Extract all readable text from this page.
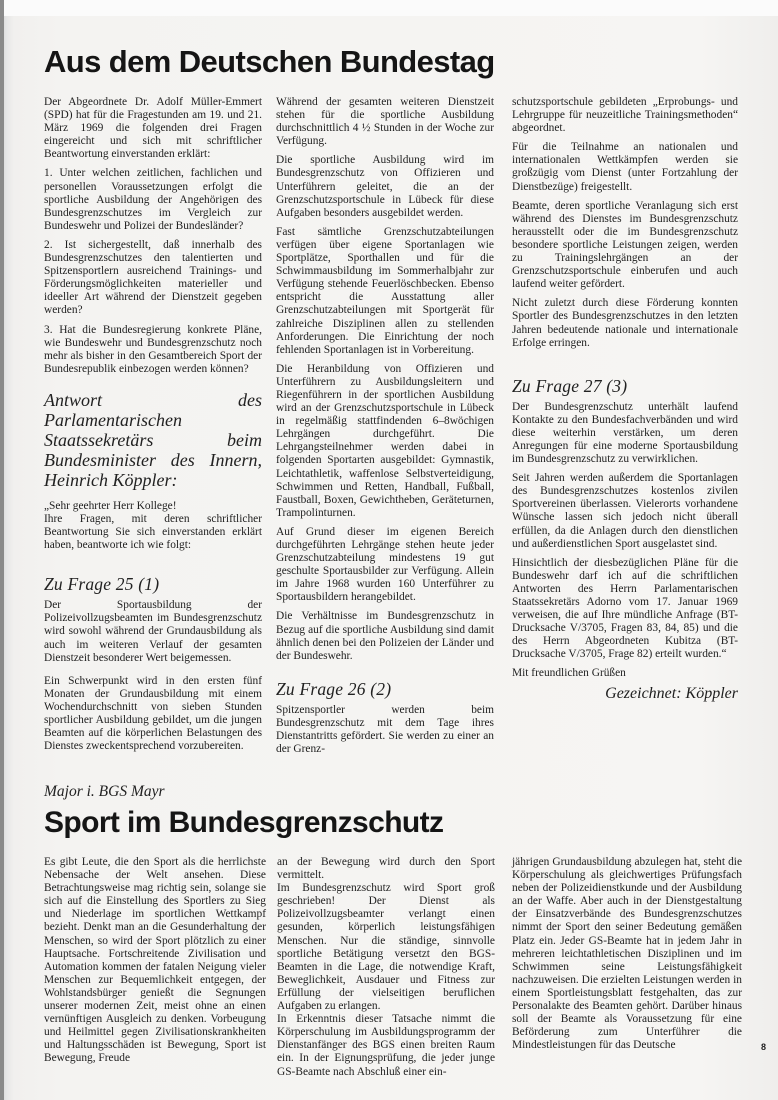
Aus dem Deutschen Bundestag

Der Abgeordnete Dr. Adolf Müller-Emmert (SPD) hat für die Fragestunden am 19. und 21. März 1969 die folgenden drei Fragen eingereicht und sich mit schriftlicher Beantwortung einverstanden erklärt:

1. Unter welchen zeitlichen, fachlichen und personellen Voraussetzungen erfolgt die sportliche Ausbildung der Angehörigen des Bundesgrenzschutzes im Vergleich zur Bundeswehr und Polizei der Bundesländer?

2. Ist sichergestellt, daß innerhalb des Bundesgrenzschutzes den talentierten und Spitzensportlern ausreichend Trainings- und Förderungsmöglichkeiten materieller und ideeller Art während der Dienstzeit gegeben werden?

3. Hat die Bundesregierung konkrete Pläne, wie Bundeswehr und Bundesgrenzschutz noch mehr als bisher in den Gesamtbereich Sport der Bundesrepublik einbezogen werden können?

Antwort des Parlamentarischen Staatssekretärs beim Bundesminister des Innern, Heinrich Köppler:

„Sehr geehrter Herr Kollege!

Ihre Fragen, mit deren schriftlicher Beantwortung Sie sich einverstanden erklärt haben, beantworte ich wie folgt:

Zu Frage 25 (1)

Der Sportausbildung der Polizeivollzugsbeamten im Bundesgrenzschutz wird sowohl während der Grundausbildung als auch im weiteren Verlauf der gesamten Dienstzeit besonderer Wert beigemessen.

Ein Schwerpunkt wird in den ersten fünf Monaten der Grundausbildung mit einem Wochendurchschnitt von sieben Stunden sportlicher Ausbildung gebildet, um die jungen Beamten auf die körperlichen Belastungen des Dienstes zweckentsprechend vorzubereiten.

Während der gesamten weiteren Dienstzeit stehen für die sportliche Ausbildung durchschnittlich 4 ½ Stunden in der Woche zur Verfügung.

Die sportliche Ausbildung wird im Bundesgrenzschutz von Offizieren und Unterführern geleitet, die an der Grenzschutzsportschule in Lübeck für diese Aufgaben besonders ausgebildet werden.

Fast sämtliche Grenzschutzabteilungen verfügen über eigene Sportanlagen wie Sportplätze, Sporthallen und für die Schwimmausbildung im Sommerhalbjahr zur Verfügung stehende Feuerlöschbecken. Ebenso entspricht die Ausstattung aller Grenzschutzabteilungen mit Sportgerät für zahlreiche Disziplinen allen zu stellenden Anforderungen. Die Einrichtung der noch fehlenden Sportanlagen ist in Vorbereitung.

Die Heranbildung von Offizieren und Unterführern zu Ausbildungsleitern und Riegenführern in der sportlichen Ausbildung wird an der Grenzschutzsportschule in Lübeck in regelmäßig stattfindenden 6–8wöchigen Lehrgängen durchgeführt. Die Lehrgangsteilnehmer werden dabei in folgenden Sportarten ausgebildet: Gymnastik, Leichtathletik, waffenlose Selbstverteidigung, Schwimmen und Retten, Handball, Fußball, Faustball, Boxen, Gewichtheben, Geräteturnen, Trampolinturnen.

Auf Grund dieser im eigenen Bereich durchgeführten Lehrgänge stehen heute jeder Grenzschutzabteilung mindestens 19 gut geschulte Sportausbilder zur Verfügung. Allein im Jahre 1968 wurden 160 Unterführer zu Sportausbildern herangebildet.

Die Verhältnisse im Bundesgrenzschutz in Bezug auf die sportliche Ausbildung sind damit ähnlich denen bei den Polizeien der Länder und der Bundeswehr.

Zu Frage 26 (2)

Spitzensportler werden beim Bundesgrenzschutz mit dem Tage ihres Dienstantritts gefördert. Sie werden zu einer an der Grenz-

schutzsportschule gebildeten „Erprobungs- und Lehrgruppe für neuzeitliche Trainingsmethoden“ abgeordnet.

Für die Teilnahme an nationalen und internationalen Wettkämpfen werden sie großzügig vom Dienst (unter Fortzahlung der Dienstbezüge) freigestellt.

Beamte, deren sportliche Veranlagung sich erst während des Dienstes im Bundesgrenzschutz herausstellt oder die im Bundesgrenzschutz besondere sportliche Leistungen zeigen, werden zu Trainingslehrgängen an der Grenzschutzsportschule einberufen und auch laufend weiter gefördert.

Nicht zuletzt durch diese Förderung konnten Sportler des Bundesgrenzschutzes in den letzten Jahren bedeutende nationale und internationale Erfolge erringen.

Zu Frage 27 (3)

Der Bundesgrenzschutz unterhält laufend Kontakte zu den Bundesfachverbänden und wird diese weiterhin verstärken, um deren Anregungen für eine moderne Sportausbildung im Bundesgrenzschutz zu verwirklichen.

Seit Jahren werden außerdem die Sportanlagen des Bundesgrenzschutzes kostenlos zivilen Sportvereinen überlassen. Vielerorts vorhandene Wünsche lassen sich jedoch nicht überall erfüllen, da die Anlagen durch den dienstlichen und außerdienstlichen Sport ausgelastet sind.

Hinsichtlich der diesbezüglichen Pläne für die Bundeswehr darf ich auf die schriftlichen Antworten des Herrn Parlamentarischen Staatssekretärs Adorno vom 17. Januar 1969 verweisen, die auf Ihre mündliche Anfrage (BT-Drucksache V/3705, Fragen 83, 84, 85) und die des Herrn Abgeordneten Kubitza (BT-Drucksache V/3705, Frage 82) erteilt wurden.“

Mit freundlichen Grüßen

Gezeichnet: Köppler
Major i. BGS Mayr
Sport im Bundesgrenzschutz

Es gibt Leute, die den Sport als die herrlichste Nebensache der Welt ansehen. Diese Betrachtungsweise mag richtig sein, solange sie sich auf die Einstellung des Sportlers zu Sieg und Niederlage im sportlichen Wettkampf bezieht. Denkt man an die Gesunderhaltung der Menschen, so wird der Sport plötzlich zu einer Hauptsache. Fortschreitende Zivilisation und Automation kommen der fatalen Neigung vieler Menschen zur Bequemlichkeit entgegen, der Wohlstandsbürger genießt die Segnungen unserer modernen Zeit, meist ohne an einen vernünftigen Ausgleich zu denken. Vorbeugung und Heilmittel gegen Zivilisationskrankheiten und Haltungsschäden ist Bewegung, Sport ist Bewegung, Freude

an der Bewegung wird durch den Sport vermittelt.

Im Bundesgrenzschutz wird Sport groß geschrieben! Der Dienst als Polizeivollzugsbeamter verlangt einen gesunden, körperlich leistungsfähigen Menschen. Nur die ständige, sinnvolle sportliche Betätigung versetzt den BGS-Beamten in die Lage, die notwendige Kraft, Beweglichkeit, Ausdauer und Fitness zur Erfüllung der vielseitigen beruflichen Aufgaben zu erlangen.

In Erkenntnis dieser Tatsache nimmt die Körperschulung im Ausbildungsprogramm der Dienstanfänger des BGS einen breiten Raum ein. In der Eignungsprüfung, die jeder junge GS-Beamte nach Abschluß einer ein-

jährigen Grundausbildung abzulegen hat, steht die Körperschulung als gleichwertiges Prüfungsfach neben der Polizeidienstkunde und der Ausbildung an der Waffe. Aber auch in der Dienstgestaltung der Einsatzverbände des Bundesgrenzschutzes nimmt der Sport den seiner Bedeutung gemäßen Platz ein. Jeder GS-Beamte hat in jedem Jahr in mehreren leichtathletischen Disziplinen und im Schwimmen seine Leistungsfähigkeit nachzuweisen. Die erzielten Leistungen werden in einem Sportleistungsblatt festgehalten, das zur Personalakte des Beamten gehört. Darüber hinaus soll der Beamte als Voraussetzung für eine Beförderung zum Unterführer die Mindestleistungen für das Deutsche	8
